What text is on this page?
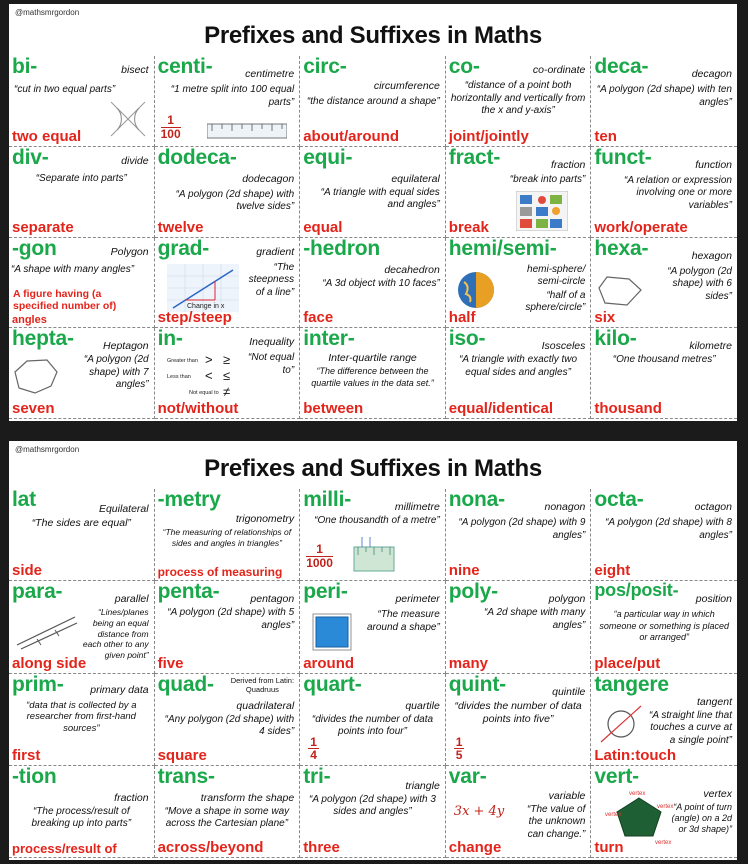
@mathsmrgordon
Prefixes and Suffixes in Maths
bi-	bisect
“cut in two equal parts”
two equal
centi-	centimetre
“1 metre split into 100 equal parts”
$\frac{1}{100}$
circ-
circumference
“the distance around a shape”
about/around
co-	co-ordinate
“distance of a point both horizontally and vertically from the x and y-axis”
joint/jointly
deca-	decagon
“A polygon (2d shape) with ten angles”
ten
div-	divide
“Separate into parts”
separate
dodeca-
dodecagon
“A polygon (2d shape) with twelve sides”
twelve
equi-
equilateral
“A triangle with equal sides and angles”
equal
fract-	fraction
“break into parts”
break
funct-	function
“A relation or expression involving one or more variables”
work/operate
-gon	Polygon
“A shape with many angles”
A figure having (a specified number of)
angles
grad-	gradient
“The steepness of a line”
Change in x
step/steep
-hedron
decahedron
“A 3d object with 10 faces”
face
hemi/semi-
hemi-sphere/ semi-circle
“half of a sphere/circle”
half
hexa-	hexagon
“A polygon (2d shape) with 6 sides”
six
hepta-	Heptagon
“A polygon (2d shape) with 7 angles”
seven
in-	Inequality
“Not equal to”
Greater than > ≥
Less than < ≤
Not equal to ≠
not/without
inter-
Inter-quartile range
“The difference between the quartile values in the data set.”
between
iso-	Isosceles
“A triangle with exactly two equal sides and angles”
equal/identical
kilo-	kilometre
“One thousand metres”
thousand
@mathsmrgordon
Prefixes and Suffixes in Maths
lat	Equilateral
“The sides are equal”
side
-metry
trigonometry
“The measuring of relationships of sides and angles in triangles”
process of measuring
milli-	millimetre
“One thousandth of a metre”
$\frac{1}{1000}$
nona-	nonagon
“A polygon (2d shape) with 9 angles”
nine
octa-	octagon
“A polygon (2d shape) with 8 angles”
eight
para-	parallel
“Lines/planes being an equal distance from each other to any given point”
along side
penta-	pentagon
“A polygon (2d shape) with 5 angles”
five
peri-	perimeter
“The measure around a shape”
around
poly-	polygon
“A 2d shape with many angles”
many
pos/posit- position
“a particular way in which someone or something is placed or arranged”
place/put
prim-	primary data
“data that is collected by a researcher from first-hand sources”
first
quad- Derived from Latin: Quadruus
quadrilateral
“Any polygon (2d shape) with 4 sides”
square
quart-
quartile
“divides the number of data points into four”
$\frac{1}{4}$
quint-	quintile
“divides the number of data points into five”
$\frac{1}{5}$
tangere
tangent
“A straight line that touches a curve at a single point”
Latin:touch
-tion
fraction
“The process/result of breaking up into parts”
process/result of
trans-
transform the shape
“Move a shape in some way across the Cartesian plane”
across/beyond
tri-	triangle
“A polygon (2d shape) with 3 sides and angles”
three
var-
variable
3x + 4y	“The value of the unknown can change.”
change
vert-
vertex
“A point of turn (angle) on a 2d or 3d shape)”
vertex
vertex
vertex
vertex
turn
